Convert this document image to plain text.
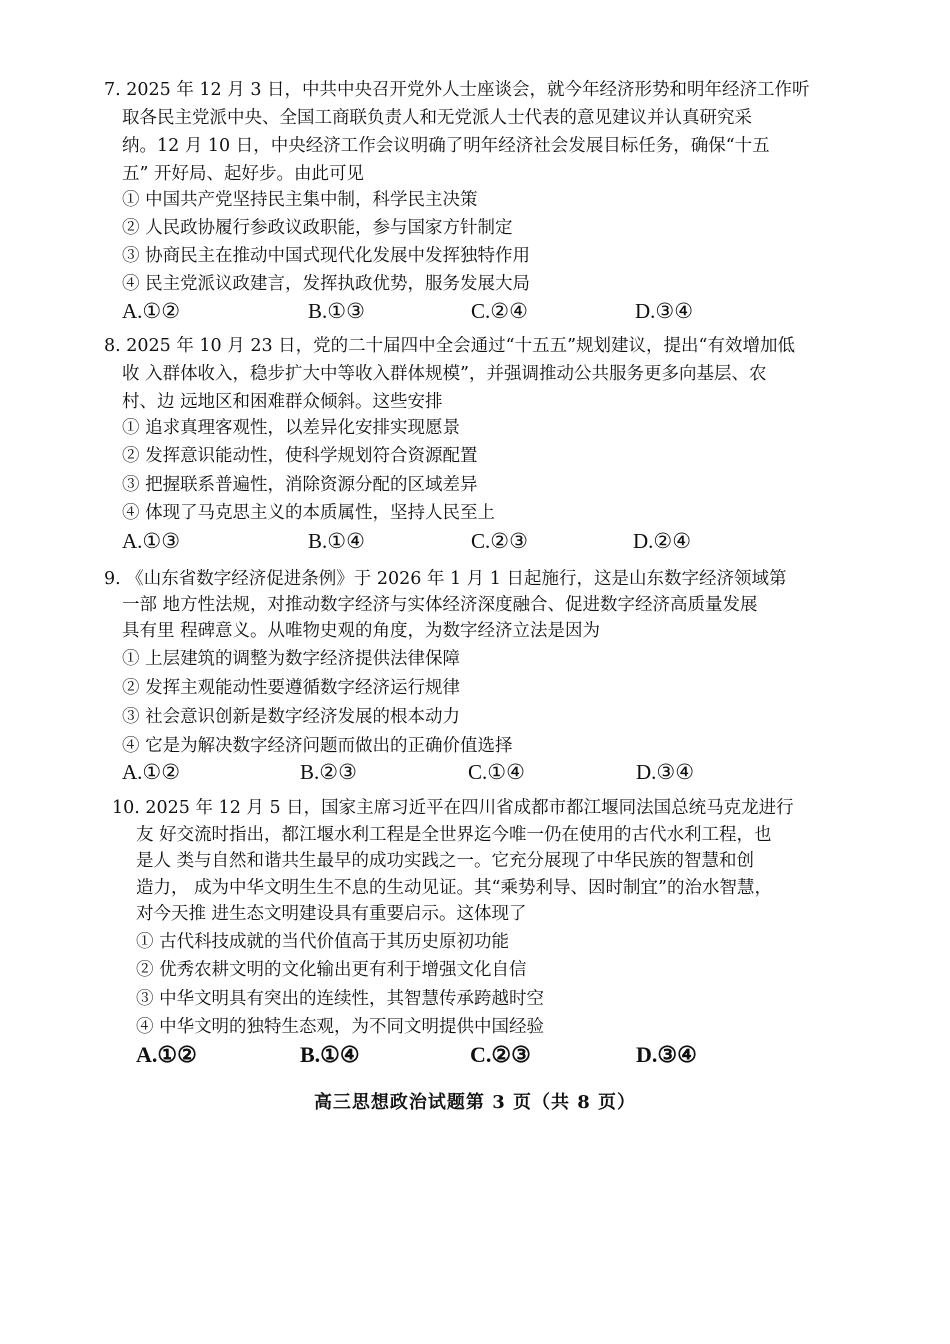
7. 2025 年 12 月 3 日，中共中央召开党外人士座谈会，就今年经济形势和明年经济工作听
取各民主党派中央、全国工商联负责人和无党派人士代表的意见建议并认真研究采
纳。12 月 10 日，中央经济工作会议明确了明年经济社会发展目标任务，确保“十五
五” 开好局、起好步。由此可见
① 中国共产党坚持民主集中制，科学民主决策
② 人民政协履行参政议政职能，参与国家方针制定
③ 协商民主在推动中国式现代化发展中发挥独特作用
④ 民主党派议政建言，发挥执政优势，服务发展大局
A.①②	B.①③	C.②④	D.③④
8. 2025 年 10 月 23 日，党的二十届四中全会通过“十五五”规划建议，提出“有效增加低
收 入群体收入，稳步扩大中等收入群体规模”，并强调推动公共服务更多向基层、农
村、边 远地区和困难群众倾斜。这些安排
① 追求真理客观性，以差异化安排实现愿景
② 发挥意识能动性，使科学规划符合资源配置
③ 把握联系普遍性，消除资源分配的区域差异
④ 体现了马克思主义的本质属性，坚持人民至上
A.①③	B.①④	C.②③	D.②④
9. 《山东省数字经济促进条例》于 2026 年 1 月 1 日起施行，这是山东数字经济领域第
一部 地方性法规，对推动数字经济与实体经济深度融合、促进数字经济高质量发展
具有里 程碑意义。从唯物史观的角度，为数字经济立法是因为
① 上层建筑的调整为数字经济提供法律保障
② 发挥主观能动性要遵循数字经济运行规律
③ 社会意识创新是数字经济发展的根本动力
④ 它是为解决数字经济问题而做出的正确价值选择
A.①②	B.②③	C.①④	D.③④
10. 2025 年 12 月 5 日，国家主席习近平在四川省成都市都江堰同法国总统马克龙进行
友 好交流时指出，都江堰水利工程是全世界迄今唯一仍在使用的古代水利工程，也
是人 类与自然和谐共生最早的成功实践之一。它充分展现了中华民族的智慧和创
造力， 成为中华文明生生不息的生动见证。其“乘势利导、因时制宜”的治水智慧，
对今天推 进生态文明建设具有重要启示。这体现了
① 古代科技成就的当代价值高于其历史原初功能
② 优秀农耕文明的文化输出更有利于增强文化自信
③ 中华文明具有突出的连续性，其智慧传承跨越时空
④ 中华文明的独特生态观，为不同文明提供中国经验
A.①②	B.①④	C.②③	D.③④
高三思想政治试题第 3 页（共 8 页）
